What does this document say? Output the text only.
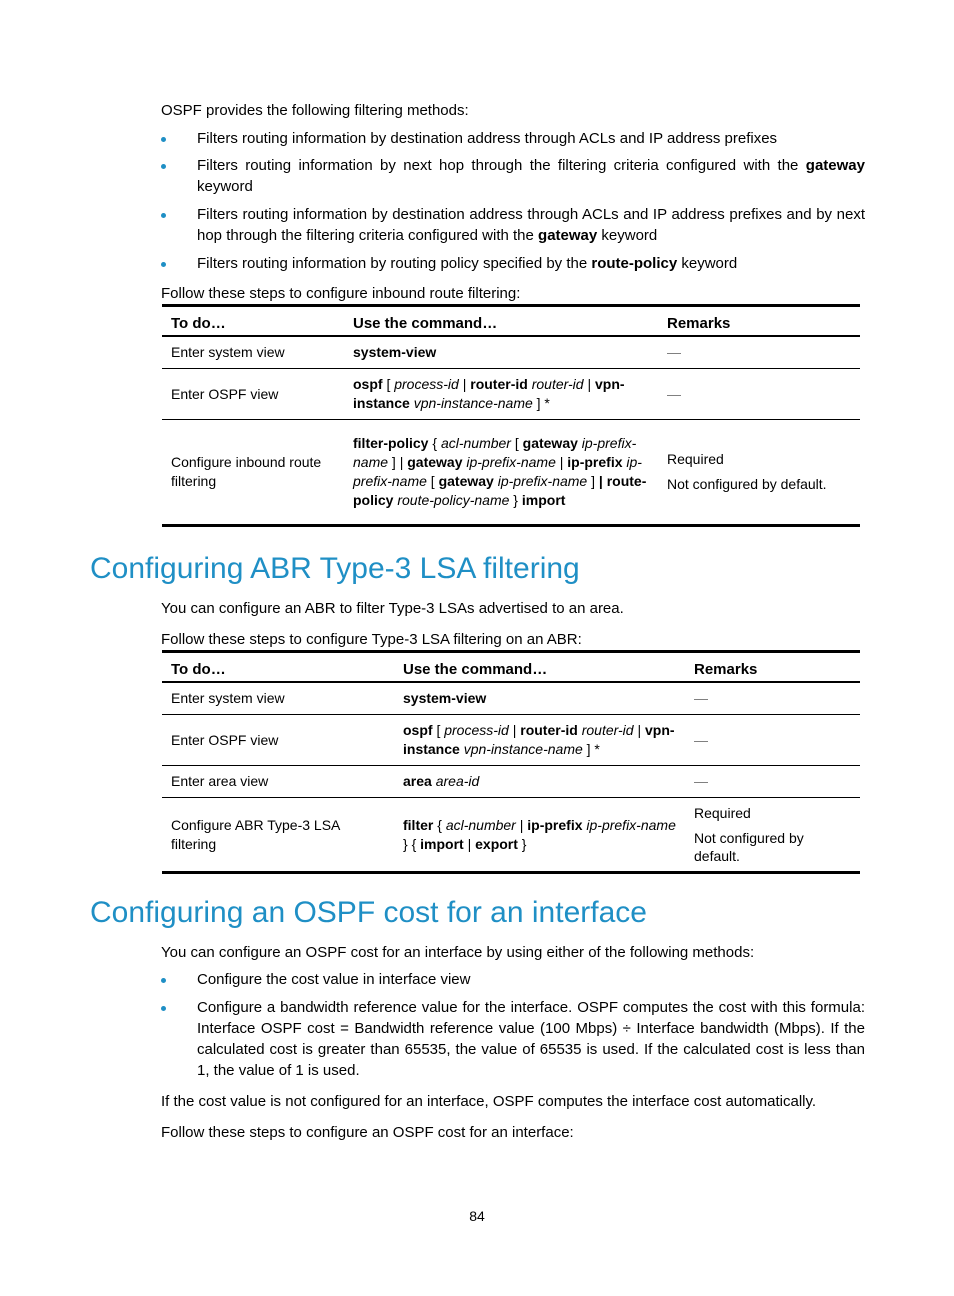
OSPF provides the following filtering methods:
Filters routing information by destination address through ACLs and IP address prefixes
Filters routing information by next hop through the filtering criteria configured with the gateway keyword
Filters routing information by destination address through ACLs and IP address prefixes and by next hop through the filtering criteria configured with the gateway keyword
Filters routing information by routing policy specified by the route-policy keyword
Follow these steps to configure inbound route filtering:
To do…	Use the command…	Remarks
Enter system view	system-view	—
Enter OSPF view	ospf [ process-id | router-id router-id | vpn-instance vpn-instance-name ] *	—
Configure inbound route filtering	filter-policy { acl-number [ gateway ip-prefix-name ] | gateway ip-prefix-name | ip-prefix ip-prefix-name [ gateway ip-prefix-name ] | route-policy route-policy-name } import	Required
Not configured by default.
Configuring ABR Type-3 LSA filtering
You can configure an ABR to filter Type-3 LSAs advertised to an area.
Follow these steps to configure Type-3 LSA filtering on an ABR:
To do…	Use the command…	Remarks
Enter system view	system-view	—
Enter OSPF view	ospf [ process-id | router-id router-id | vpn-instance vpn-instance-name ] *	—
Enter area view	area area-id	—
Configure ABR Type-3 LSA filtering	filter { acl-number | ip-prefix ip-prefix-name } { import | export }	Required
Not configured by default.
Configuring an OSPF cost for an interface
You can configure an OSPF cost for an interface by using either of the following methods:
Configure the cost value in interface view
Configure a bandwidth reference value for the interface. OSPF computes the cost with this formula: Interface OSPF cost = Bandwidth reference value (100 Mbps) ÷ Interface bandwidth (Mbps). If the calculated cost is greater than 65535, the value of 65535 is used. If the calculated cost is less than 1, the value of 1 is used.
If the cost value is not configured for an interface, OSPF computes the interface cost automatically.
Follow these steps to configure an OSPF cost for an interface:
84
